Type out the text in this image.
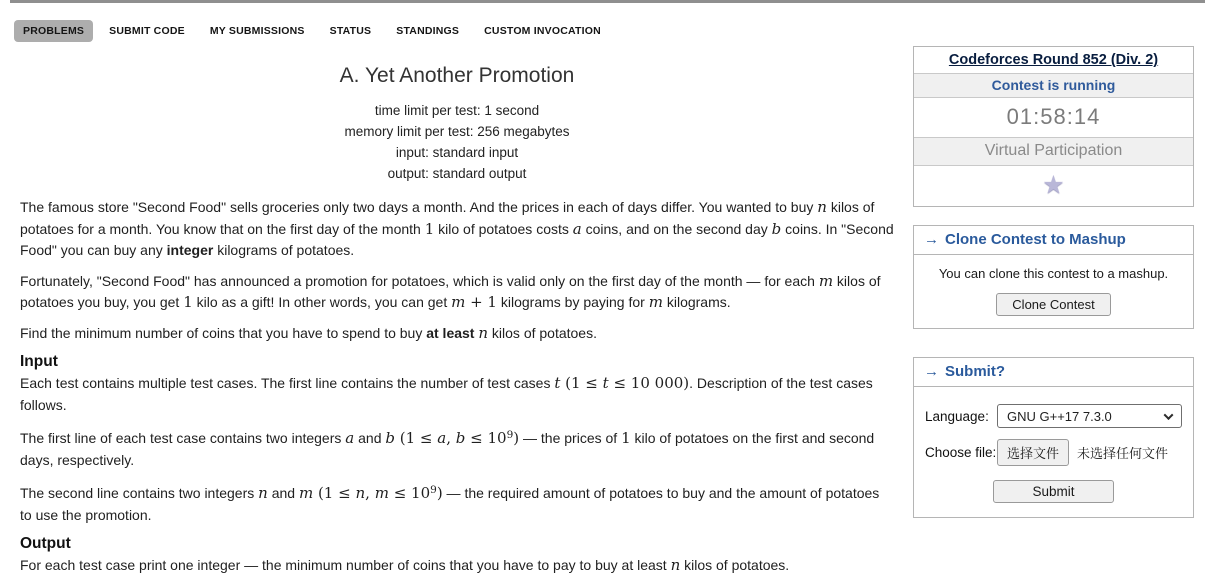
PROBLEMS	SUBMIT CODE	MY SUBMISSIONS	STATUS	STANDINGS	CUSTOM INVOCATION
A. Yet Another Promotion
time limit per test: 1 second
memory limit per test: 256 megabytes
input: standard input
output: standard output

The famous store "Second Food" sells groceries only two days a month. And the prices in each of days differ. You wanted to buy n kilos of potatoes for a month. You know that on the first day of the month 1 kilo of potatoes costs a coins, and on the second day b coins. In "Second Food" you can buy any integer kilograms of potatoes.

Fortunately, "Second Food" has announced a promotion for potatoes, which is valid only on the first day of the month — for each m kilos of potatoes you buy, you get 1 kilo as a gift! In other words, you can get m + 1 kilograms by paying for m kilograms.

Find the minimum number of coins that you have to spend to buy at least n kilos of potatoes.

Input

Each test contains multiple test cases. The first line contains the number of test cases t (1 ≤ t ≤ 10 000). Description of the test cases follows.

The first line of each test case contains two integers a and b (1 ≤ a, $b \le 10^9$) — the prices of 1 kilo of potatoes on the first and second days, respectively.

The second line contains two integers n and m (1 ≤ n, $m \le 10^9$) — the required amount of potatoes to buy and the amount of potatoes to use the promotion.

Output

For each test case print one integer — the minimum number of coins that you have to pay to buy at least n kilos of potatoes.

Codeforces Round 852 (Div. 2)
Contest is running
01:58:14
Virtual Participation
★
→ Clone Contest to Mashup
You can clone this contest to a mashup.
Clone Contest
→ Submit?
Language:	GNU G++17 7.3.0
Choose file: 选择文件	未选择任何文件
Submit
